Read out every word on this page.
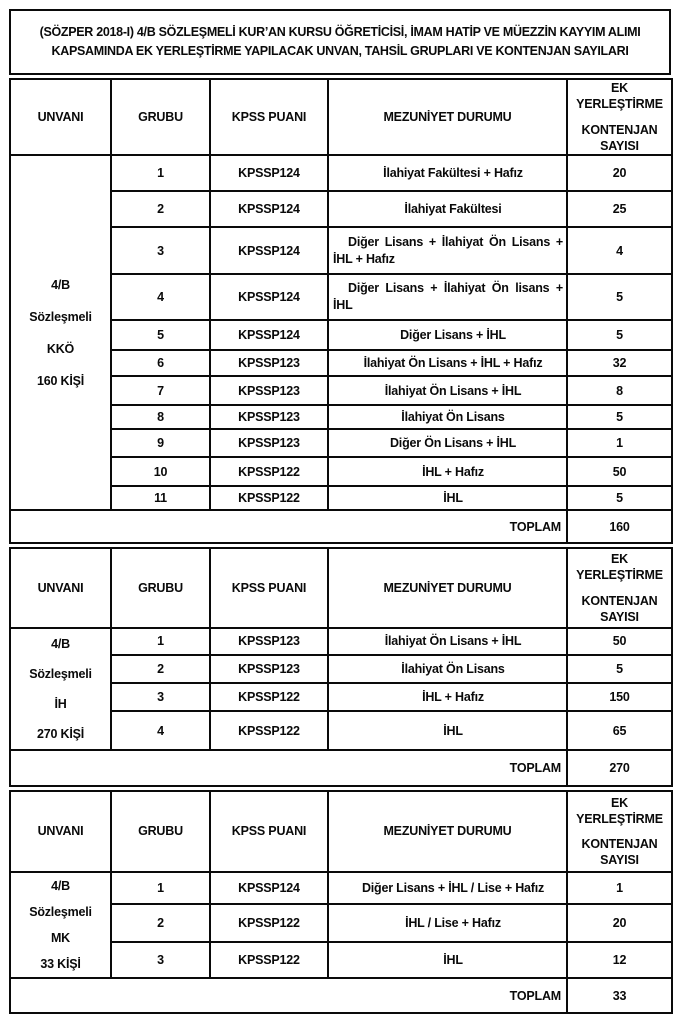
(SÖZPER 2018-I) 4/B SÖZLEŞMELİ KUR’AN KURSU ÖĞRETİCİSİ, İMAM HATİP VE MÜEZZİN KAYYIM ALIMI KAPSAMINDA EK YERLEŞTİRME YAPILACAK UNVAN, TAHSİL GRUPLARI VE KONTENJAN SAYILARI
UNVANI	GRUBU	KPSS PUANI	MEZUNİYET DURUMU	EK YERLEŞTİRME
KONTENJAN SAYISI

4/B
Sözleşmeli
KKÖ
160 KİŞİ	1	KPSSP124	İlahiyat Fakültesi + Hafız	20
	2	KPSSP124	İlahiyat Fakültesi	25
	3	KPSSP124	Diğer Lisans + İlahiyat Ön Lisans + İHL + Hafız	4
	4	KPSSP124	Diğer Lisans + İlahiyat Ön lisans + İHL	5
	5	KPSSP124	Diğer Lisans + İHL	5
	6	KPSSP123	İlahiyat Ön Lisans + İHL + Hafız	32
	7	KPSSP123	İlahiyat Ön Lisans + İHL	8
	8	KPSSP123	İlahiyat Ön Lisans	5
	9	KPSSP123	Diğer Ön Lisans + İHL	1
	10	KPSSP122	İHL + Hafız	50
	11	KPSSP122	İHL	5
TOPLAM				160
UNVANI	GRUBU	KPSS PUANI	MEZUNİYET DURUMU	EK YERLEŞTİRME
KONTENJAN SAYISI

4/B
Sözleşmeli
İH
270 KİŞİ	1	KPSSP123	İlahiyat Ön Lisans + İHL	50
	2	KPSSP123	İlahiyat Ön Lisans	5
	3	KPSSP122	İHL + Hafız	150
	4	KPSSP122	İHL	65
TOPLAM				270
UNVANI	GRUBU	KPSS PUANI	MEZUNİYET DURUMU	EK YERLEŞTİRME
KONTENJAN SAYISI

4/B
Sözleşmeli
MK
33 KİŞİ	1	KPSSP124	Diğer Lisans + İHL / Lise + Hafız	1
	2	KPSSP122	İHL / Lise + Hafız	20
	3	KPSSP122	İHL	12
TOPLAM				33
